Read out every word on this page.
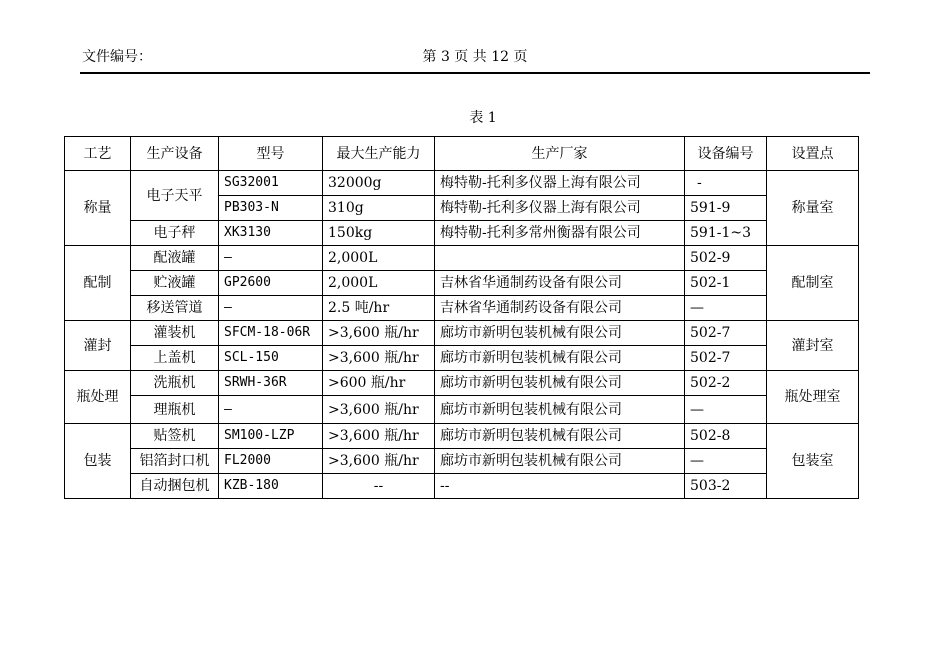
文件编号：	第 3 页 共 12 页
表 1
工艺	生产设备	型号	最大生产能力	生产厂家	设备编号	设置点
称量	电子天平	SG32001	32000g	梅特勒-托利多仪器上海有限公司	-	称量室
		PB303-N	310g	梅特勒-托利多仪器上海有限公司	591-9	
	电子秤	XK3130	150kg	梅特勒-托利多常州衡器有限公司	591-1~3	
配制	配液罐	—	2,000L		502-9	配制室
	贮液罐	GP2600	2,000L	吉林省华通制药设备有限公司	502-1	
	移送管道	—	2.5 吨/hr	吉林省华通制药设备有限公司	—	
灌封	灌装机	SFCM-18-06R	>3,600 瓶/hr	廊坊市新明包装机械有限公司	502-7	灌封室
	上盖机	SCL-150	>3,600 瓶/hr	廊坊市新明包装机械有限公司	502-7	
瓶处理	洗瓶机	SRWH-36R	>600 瓶/hr	廊坊市新明包装机械有限公司	502-2	瓶处理室
	理瓶机	—	>3,600 瓶/hr	廊坊市新明包装机械有限公司	—	
包装	贴签机	SM100-LZP	>3,600 瓶/hr	廊坊市新明包装机械有限公司	502-8	包装室
	铝箔封口机	FL2000	>3,600 瓶/hr	廊坊市新明包装机械有限公司	—	
	自动捆包机	KZB-180	--	--	503-2	
